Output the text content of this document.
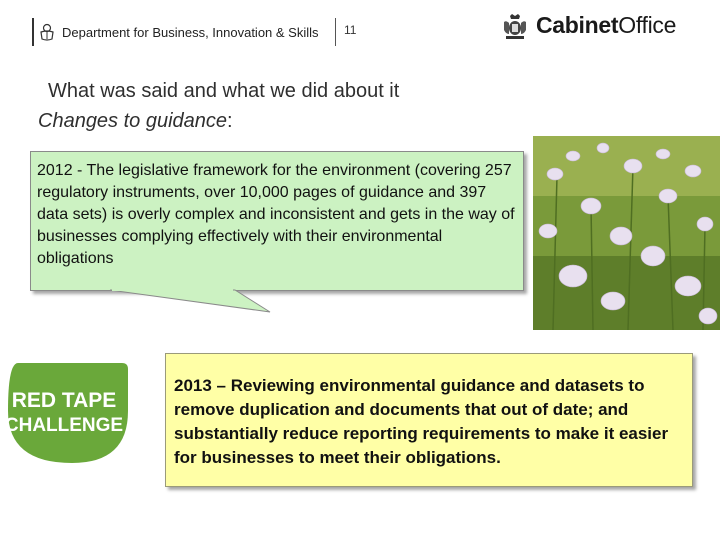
Department for Business, Innovation & Skills 11	CabinetOffice
What was said and what we did about it
Changes to guidance:
2012 - The legislative framework for the environment (covering 257 regulatory instruments, over 10,000 pages of guidance and 397 data sets) is overly complex and inconsistent and gets in the way of businesses complying effectively with their environmental obligations
RED TAPE
CHALLENGE
2013 – Reviewing environmental guidance and datasets to remove duplication and documents that out of date; and substantially reduce reporting requirements to make it easier for businesses to meet their obligations.
